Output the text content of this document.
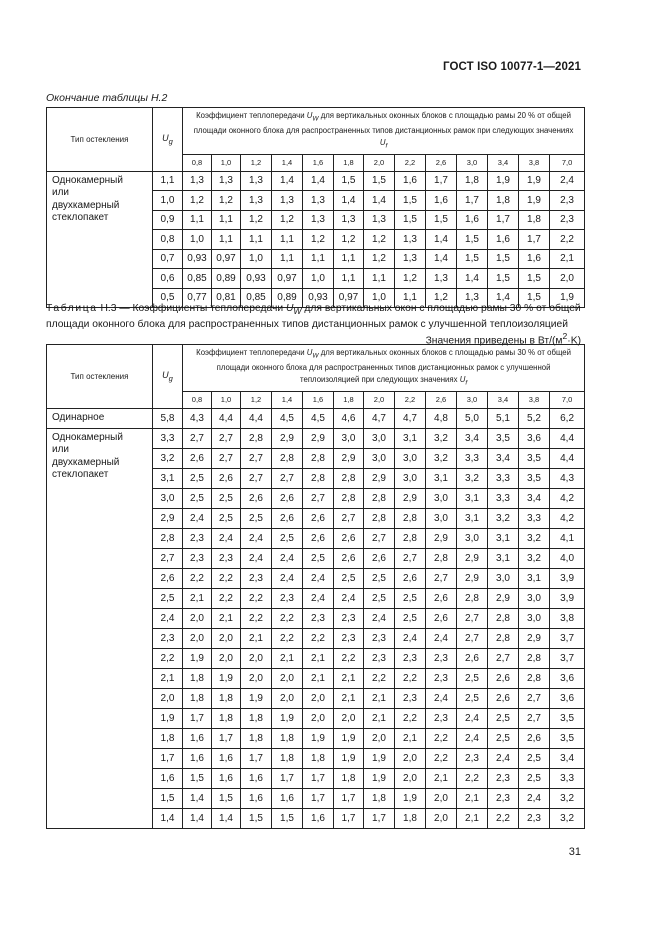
ГОСТ ISO 10077-1—2021
Окончание таблицы Н.2
Тип остекления	$U_g$	Коэффициент теплопередачи $U_W$ для вертикальных оконных блоков с площадью рамы 20 % от общей площади оконного блока для распространенных типов дистанционных рамок при следующих значениях $U_f$
		0,8	1,0	1,2	1,4	1,6	1,8	2,0	2,2	2,6	3,0	3,4	3,8	7,0

Однокамерный
или
двухкамерный
стеклопакет	1,1	1,3	1,3	1,3	1,4	1,4	1,5	1,5	1,6	1,7	1,8	1,9	1,9	2,4
	1,0	1,2	1,2	1,3	1,3	1,3	1,4	1,4	1,5	1,6	1,7	1,8	1,9	2,3
	0,9	1,1	1,1	1,2	1,2	1,3	1,3	1,3	1,5	1,5	1,6	1,7	1,8	2,3
	0,8	1,0	1,1	1,1	1,1	1,2	1,2	1,2	1,3	1,4	1,5	1,6	1,7	2,2
	0,7	0,93	0,97	1,0	1,1	1,1	1,1	1,2	1,3	1,4	1,5	1,5	1,6	2,1
	0,6	0,85	0,89	0,93	0,97	1,0	1,1	1,1	1,2	1,3	1,4	1,5	1,5	2,0
	0,5	0,77	0,81	0,85	0,89	0,93	0,97	1,0	1,1	1,2	1,3	1,4	1,5	1,9
Таблица Н.3 — Коэффициенты теплопередачи $U_W$ для вертикальных окон с площадью рамы 30 % от общей площади оконного блока для распространенных типов дистанционных рамок с улучшенной теплоизоляцией
Значения приведены в $Вт/(м^2\cdot K)$
Тип остекления	$U_g$	Коэффициент теплопередачи $U_W$ для вертикальных оконных блоков с площадью рамы 30 % от общей площади оконного блока для распространенных типов дистанционных рамок с улучшенной теплоизоляцией при следующих значениях $U_f$
		0,8	1,0	1,2	1,4	1,6	1,8	2,0	2,2	2,6	3,0	3,4	3,8	7,0
Одинарное	5,8	4,3	4,4	4,4	4,5	4,5	4,6	4,7	4,7	4,8	5,0	5,1	5,2	6,2

Однокамерный
или
двухкамерный
стеклопакет	3,3	2,7	2,7	2,8	2,9	2,9	3,0	3,0	3,1	3,2	3,4	3,5	3,6	4,4
	3,2	2,6	2,7	2,7	2,8	2,8	2,9	3,0	3,0	3,2	3,3	3,4	3,5	4,4
	3,1	2,5	2,6	2,7	2,7	2,8	2,8	2,9	3,0	3,1	3,2	3,3	3,5	4,3
	3,0	2,5	2,5	2,6	2,6	2,7	2,8	2,8	2,9	3,0	3,1	3,3	3,4	4,2
	2,9	2,4	2,5	2,5	2,6	2,6	2,7	2,8	2,8	3,0	3,1	3,2	3,3	4,2
	2,8	2,3	2,4	2,4	2,5	2,6	2,6	2,7	2,8	2,9	3,0	3,1	3,2	4,1
	2,7	2,3	2,3	2,4	2,4	2,5	2,6	2,6	2,7	2,8	2,9	3,1	3,2	4,0
	2,6	2,2	2,2	2,3	2,4	2,4	2,5	2,5	2,6	2,7	2,9	3,0	3,1	3,9
	2,5	2,1	2,2	2,2	2,3	2,4	2,4	2,5	2,5	2,6	2,8	2,9	3,0	3,9
	2,4	2,0	2,1	2,2	2,2	2,3	2,3	2,4	2,5	2,6	2,7	2,8	3,0	3,8
	2,3	2,0	2,0	2,1	2,2	2,2	2,3	2,3	2,4	2,4	2,7	2,8	2,9	3,7
	2,2	1,9	2,0	2,0	2,1	2,1	2,2	2,3	2,3	2,3	2,6	2,7	2,8	3,7
	2,1	1,8	1,9	2,0	2,0	2,1	2,1	2,2	2,2	2,3	2,5	2,6	2,8	3,6
	2,0	1,8	1,8	1,9	2,0	2,0	2,1	2,1	2,3	2,4	2,5	2,6	2,7	3,6
	1,9	1,7	1,8	1,8	1,9	2,0	2,0	2,1	2,2	2,3	2,4	2,5	2,7	3,5
	1,8	1,6	1,7	1,8	1,8	1,9	1,9	2,0	2,1	2,2	2,4	2,5	2,6	3,5
	1,7	1,6	1,6	1,7	1,8	1,8	1,9	1,9	2,0	2,2	2,3	2,4	2,5	3,4
	1,6	1,5	1,6	1,6	1,7	1,7	1,8	1,9	2,0	2,1	2,2	2,3	2,5	3,3
	1,5	1,4	1,5	1,6	1,6	1,7	1,7	1,8	1,9	2,0	2,1	2,3	2,4	3,2
	1,4	1,4	1,4	1,5	1,5	1,6	1,7	1,7	1,8	2,0	2,1	2,2	2,3	3,2
31
